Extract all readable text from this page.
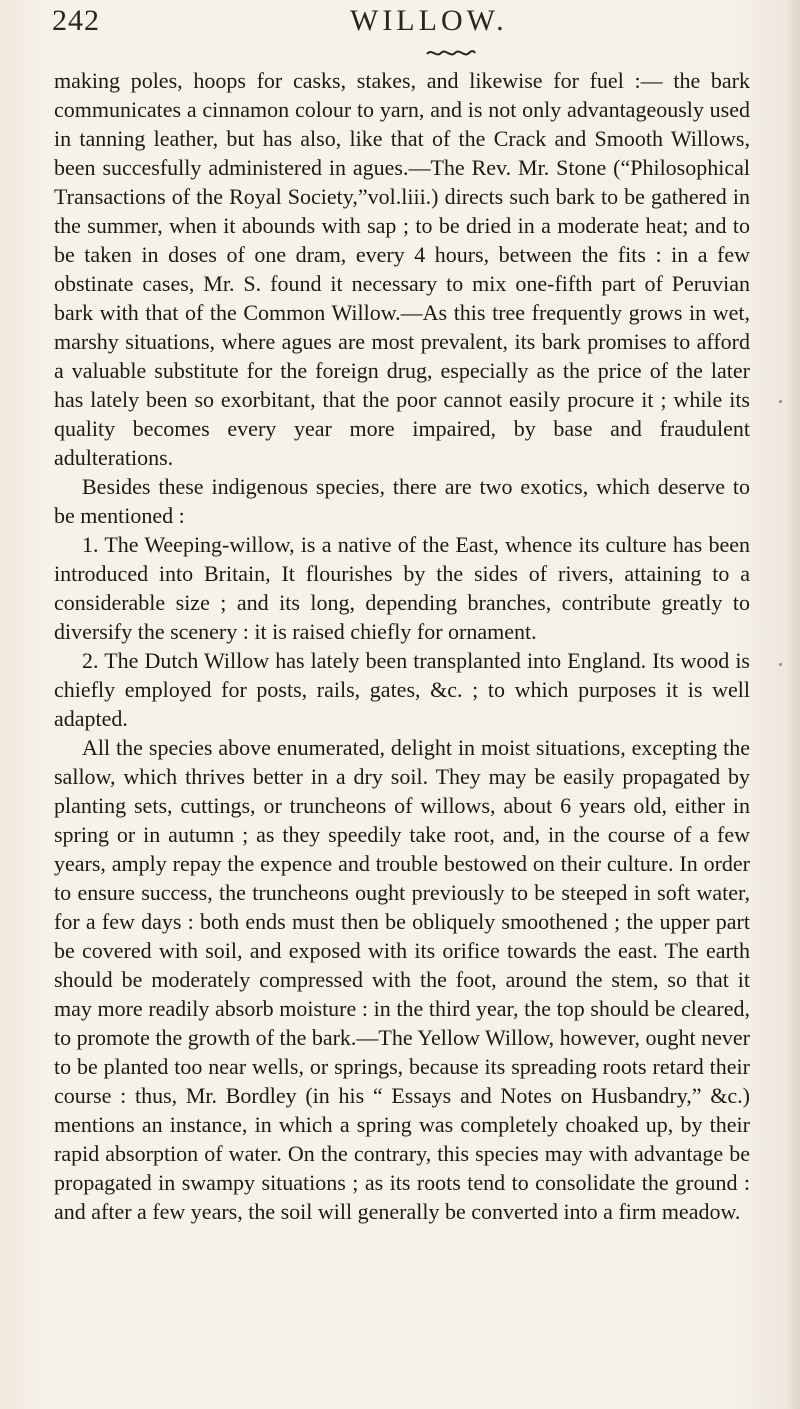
242	WILLOW.

making poles, hoops for casks, stakes, and likewise for fuel :— the bark communicates a cinnamon colour to yarn, and is not only advantageously used in tanning leather, but has also, like that of the Crack and Smooth Willows, been succesfully administered in agues.—The Rev. Mr. Stone (“Philosophical Transactions of the Royal Society,”vol.liii.) directs such bark to be gathered in the summer, when it abounds with sap ; to be dried in a moderate heat; and to be taken in doses of one dram, every 4 hours, between the fits : in a few obstinate cases, Mr. S. found it necessary to mix one-fifth part of Peruvian bark with that of the Common Willow.—As this tree frequently grows in wet, marshy situations, where agues are most prevalent, its bark promises to afford a valuable substitute for the foreign drug, especially as the price of the later has lately been so exorbitant, that the poor cannot easily procure it ; while its quality becomes every year more impaired, by base and fraudulent adulterations.

Besides these indigenous species, there are two exotics, which deserve to be mentioned :

1. The Weeping-willow, is a native of the East, whence its culture has been introduced into Britain, It flourishes by the sides of rivers, attaining to a considerable size ; and its long, depending branches, contribute greatly to diversify the scenery : it is raised chiefly for ornament.

2. The Dutch Willow has lately been transplanted into England. Its wood is chiefly employed for posts, rails, gates, &c. ; to which purposes it is well adapted.

All the species above enumerated, delight in moist situations, excepting the sallow, which thrives better in a dry soil. They may be easily propagated by planting sets, cuttings, or truncheons of willows, about 6 years old, either in spring or in autumn ; as they speedily take root, and, in the course of a few years, amply repay the expence and trouble bestowed on their culture. In order to ensure success, the truncheons ought previously to be steeped in soft water, for a few days : both ends must then be obliquely smoothened ; the upper part be covered with soil, and exposed with its orifice towards the east. The earth should be moderately compressed with the foot, around the stem, so that it may more readily absorb moisture : in the third year, the top should be cleared, to promote the growth of the bark.—The Yellow Willow, however, ought never to be planted too near wells, or springs, because its spreading roots retard their course : thus, Mr. Bordley (in his “ Essays and Notes on Husbandry,” &c.) mentions an instance, in which a spring was completely choaked up, by their rapid absorption of water. On the contrary, this species may with advantage be propagated in swampy situations ; as its roots tend to consolidate the ground : and after a few years, the soil will generally be converted into a firm meadow.
